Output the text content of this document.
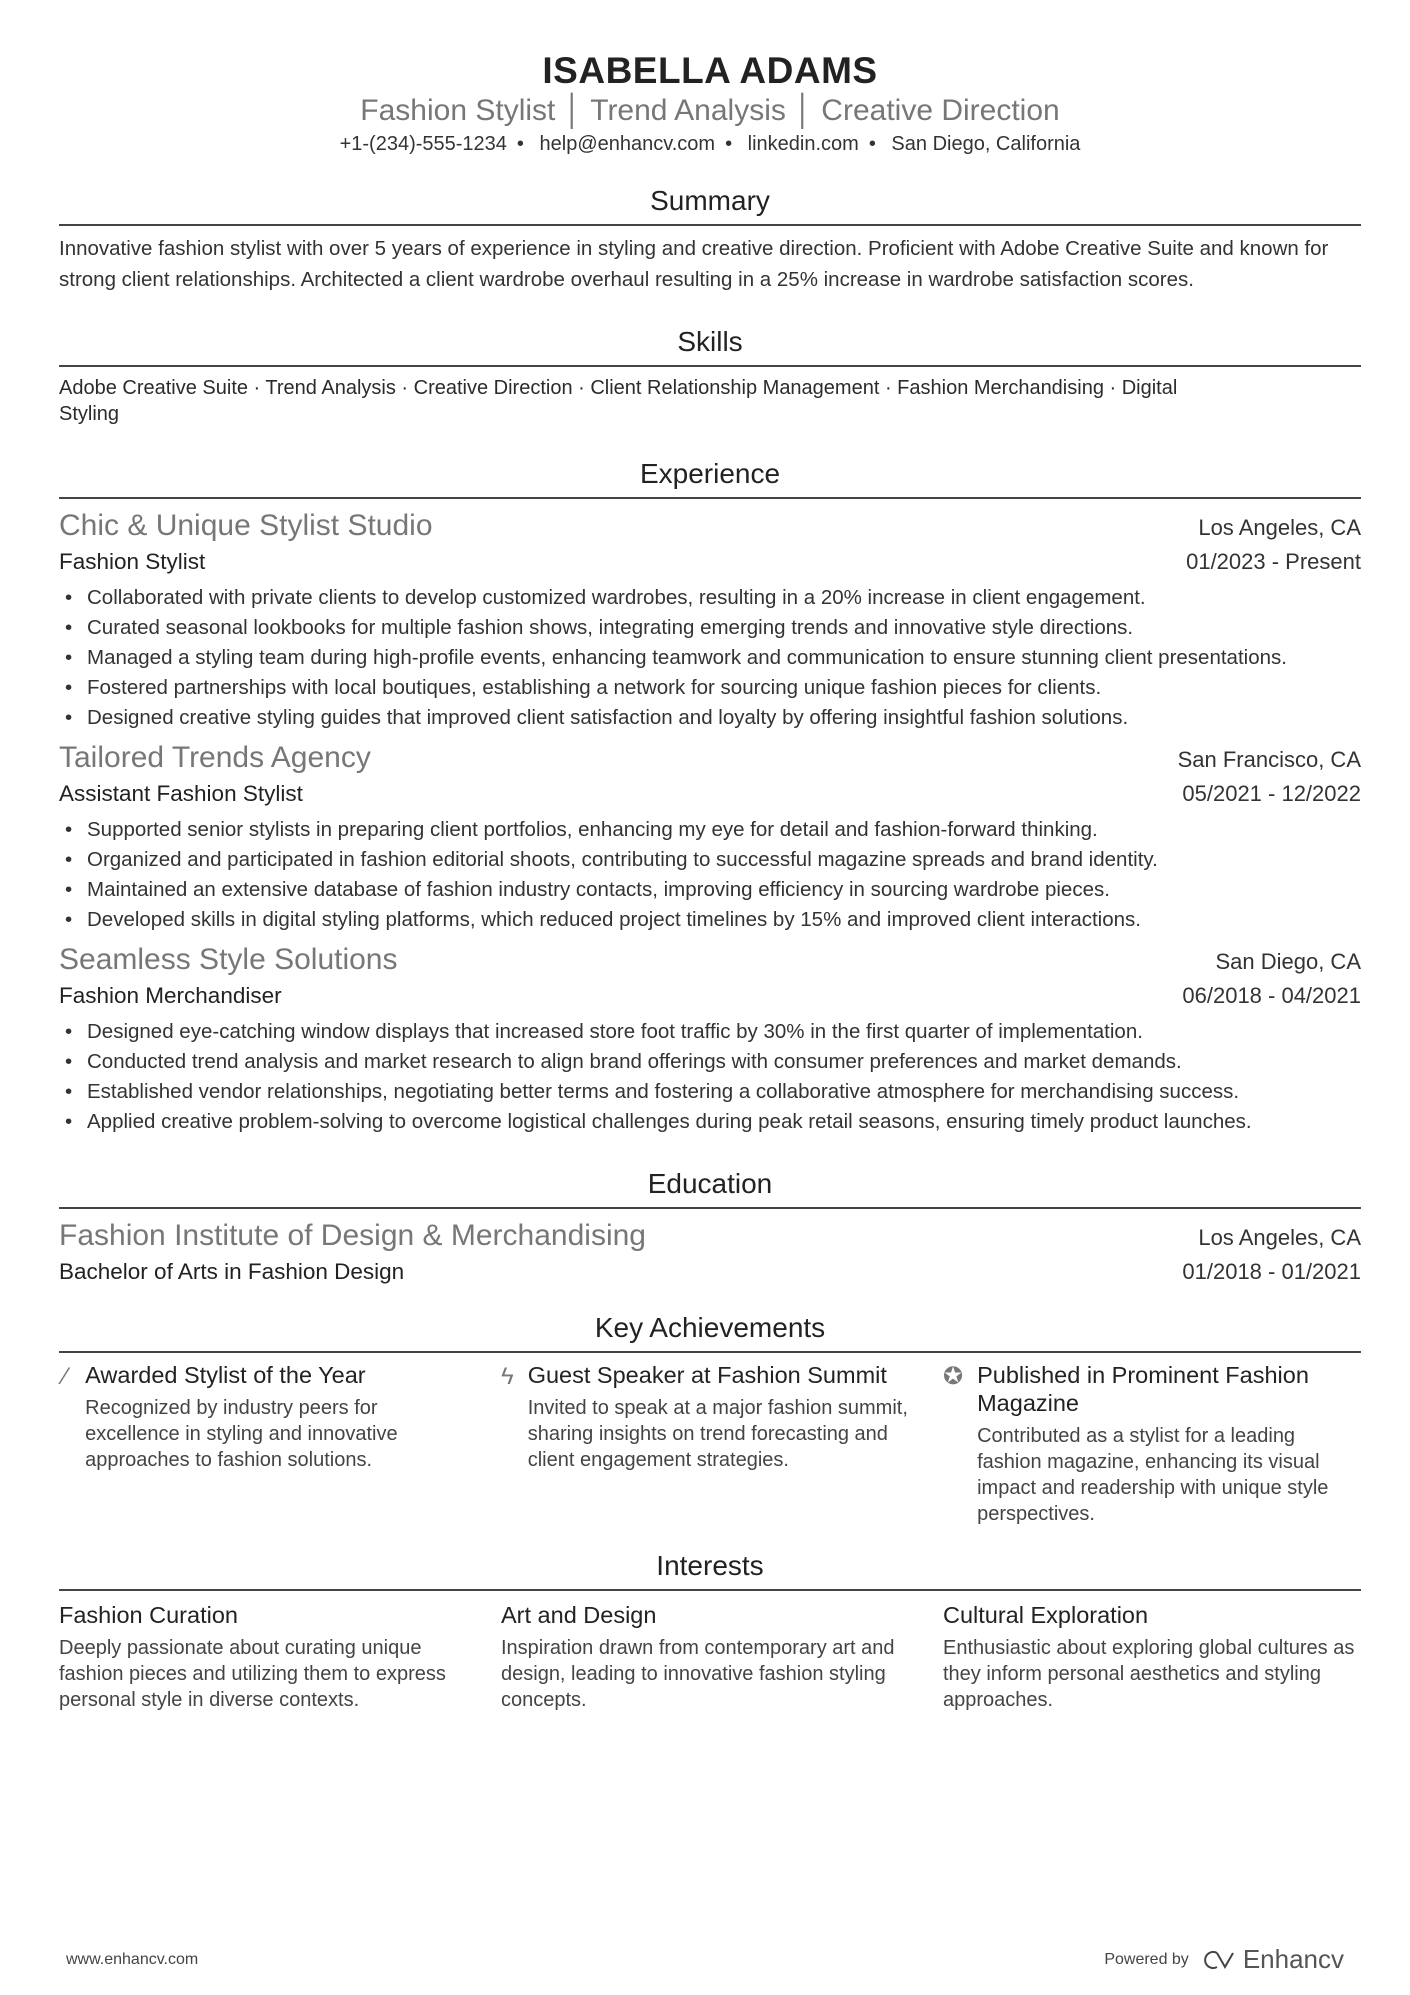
ISABELLA ADAMS
Fashion Stylist │ Trend Analysis │ Creative Direction
+1-(234)-555-1234 • help@enhancv.com • linkedin.com • San Diego, California
Summary
Innovative fashion stylist with over 5 years of experience in styling and creative direction. Proficient with Adobe Creative Suite and known for strong client relationships. Architected a client wardrobe overhaul resulting in a 25% increase in wardrobe satisfaction scores.
Skills
Adobe Creative Suite · Trend Analysis · Creative Direction · Client Relationship Management · Fashion Merchandising · Digital Styling
Experience
Chic & Unique Stylist Studio	Los Angeles, CA
Fashion Stylist	01/2023 - Present
• Collaborated with private clients to develop customized wardrobes, resulting in a 20% increase in client engagement.
• Curated seasonal lookbooks for multiple fashion shows, integrating emerging trends and innovative style directions.
• Managed a styling team during high-profile events, enhancing teamwork and communication to ensure stunning client presentations.
• Fostered partnerships with local boutiques, establishing a network for sourcing unique fashion pieces for clients.
• Designed creative styling guides that improved client satisfaction and loyalty by offering insightful fashion solutions.
Tailored Trends Agency	San Francisco, CA
Assistant Fashion Stylist	05/2021 - 12/2022
• Supported senior stylists in preparing client portfolios, enhancing my eye for detail and fashion-forward thinking.
• Organized and participated in fashion editorial shoots, contributing to successful magazine spreads and brand identity.
• Maintained an extensive database of fashion industry contacts, improving efficiency in sourcing wardrobe pieces.
• Developed skills in digital styling platforms, which reduced project timelines by 15% and improved client interactions.
Seamless Style Solutions	San Diego, CA
Fashion Merchandiser	06/2018 - 04/2021
• Designed eye-catching window displays that increased store foot traffic by 30% in the first quarter of implementation.
• Conducted trend analysis and market research to align brand offerings with consumer preferences and market demands.
• Established vendor relationships, negotiating better terms and fostering a collaborative atmosphere for merchandising success.
• Applied creative problem-solving to overcome logistical challenges during peak retail seasons, ensuring timely product launches.
Education
Fashion Institute of Design & Merchandising	Los Angeles, CA
Bachelor of Arts in Fashion Design	01/2018 - 01/2021
Key Achievements
⁄ Awarded Stylist of the Year

Recognized by industry peers for excellence in styling and innovative approaches to fashion solutions.

ϟ Guest Speaker at Fashion Summit

Invited to speak at a major fashion summit, sharing insights on trend forecasting and client engagement strategies.

✪ Published in Prominent Fashion Magazine

Contributed as a stylist for a leading fashion magazine, enhancing its visual impact and readership with unique style perspectives.

Interests
Fashion Curation

Deeply passionate about curating unique fashion pieces and utilizing them to express personal style in diverse contexts.

Art and Design

Inspiration drawn from contemporary art and design, leading to innovative fashion styling concepts.

Cultural Exploration

Enthusiastic about exploring global cultures as they inform personal aesthetics and styling approaches.

www.enhancv.com	Powered by Enhancv
